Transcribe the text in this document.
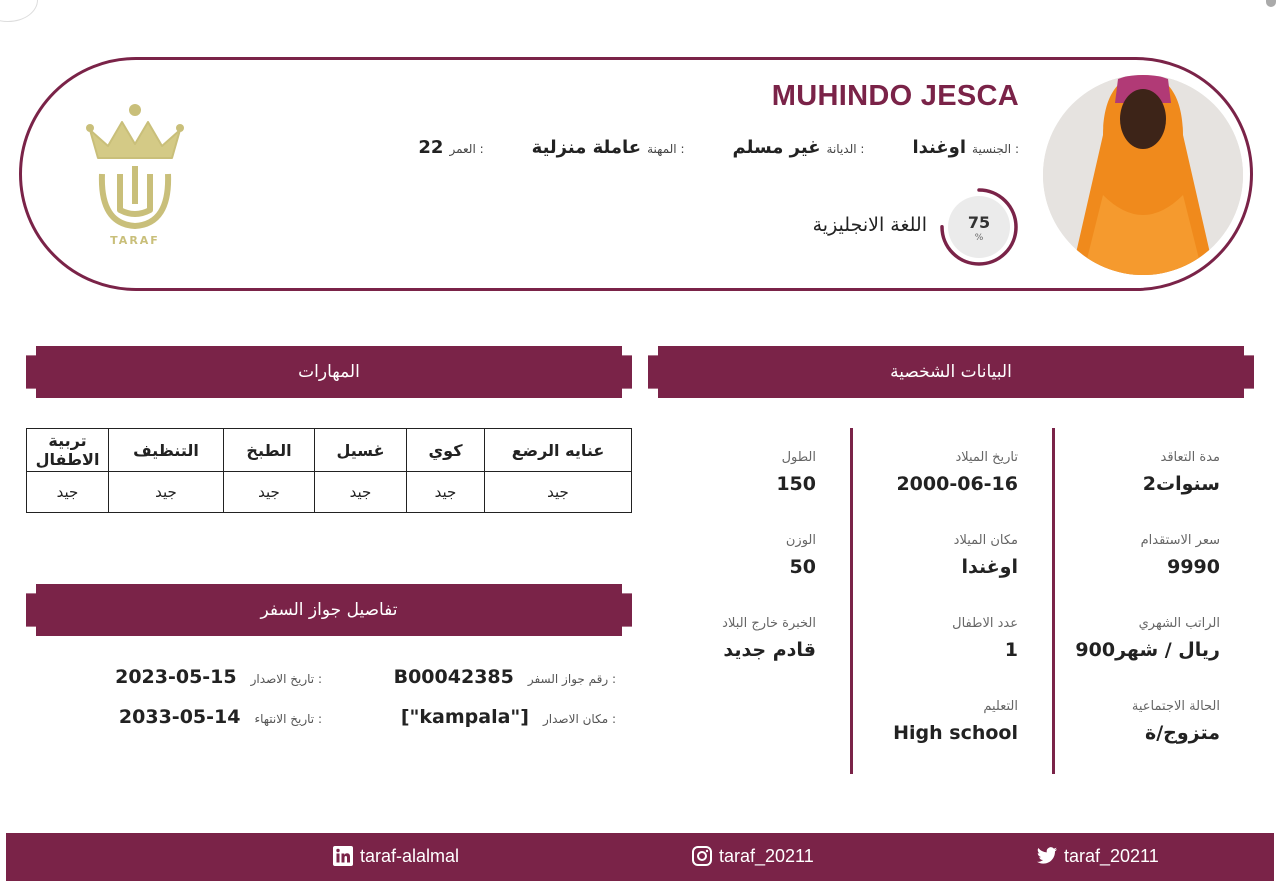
TARAF
MUHINDO JESCA
الجنسية :
اوغندا
الديانة :
غير مسلم
المهنة :
عاملة منزلية
العمر :
22
75
%
اللغة الانجليزية
البيانات الشخصية
مدة التعاقد
2سنوات
سعر الاستقدام
9990
الراتب الشهري
900ريال / شهر
الحالة الاجتماعية
متزوج/ة
تاريخ الميلاد
2000-06-16
مكان الميلاد
اوغندا
عدد الاطفال
1
التعليم
High school
الطول
150
الوزن
50
الخبرة خارج البلاد
قادم جديد
المهارات
عنايه الرضع	كوي	غسيل	الطبخ	التنظيف	تربية الاطفال
جيد	جيد	جيد	جيد	جيد	جيد
تفاصيل جواز السفر
رقم جواز السفر :
B00042385
تاريخ الاصدار :
2023-05-15
مكان الاصدار :
["kampala"]
تاريخ الانتهاء :
2033-05-14
taraf-alalmal	taraf_20211	taraf_20211
